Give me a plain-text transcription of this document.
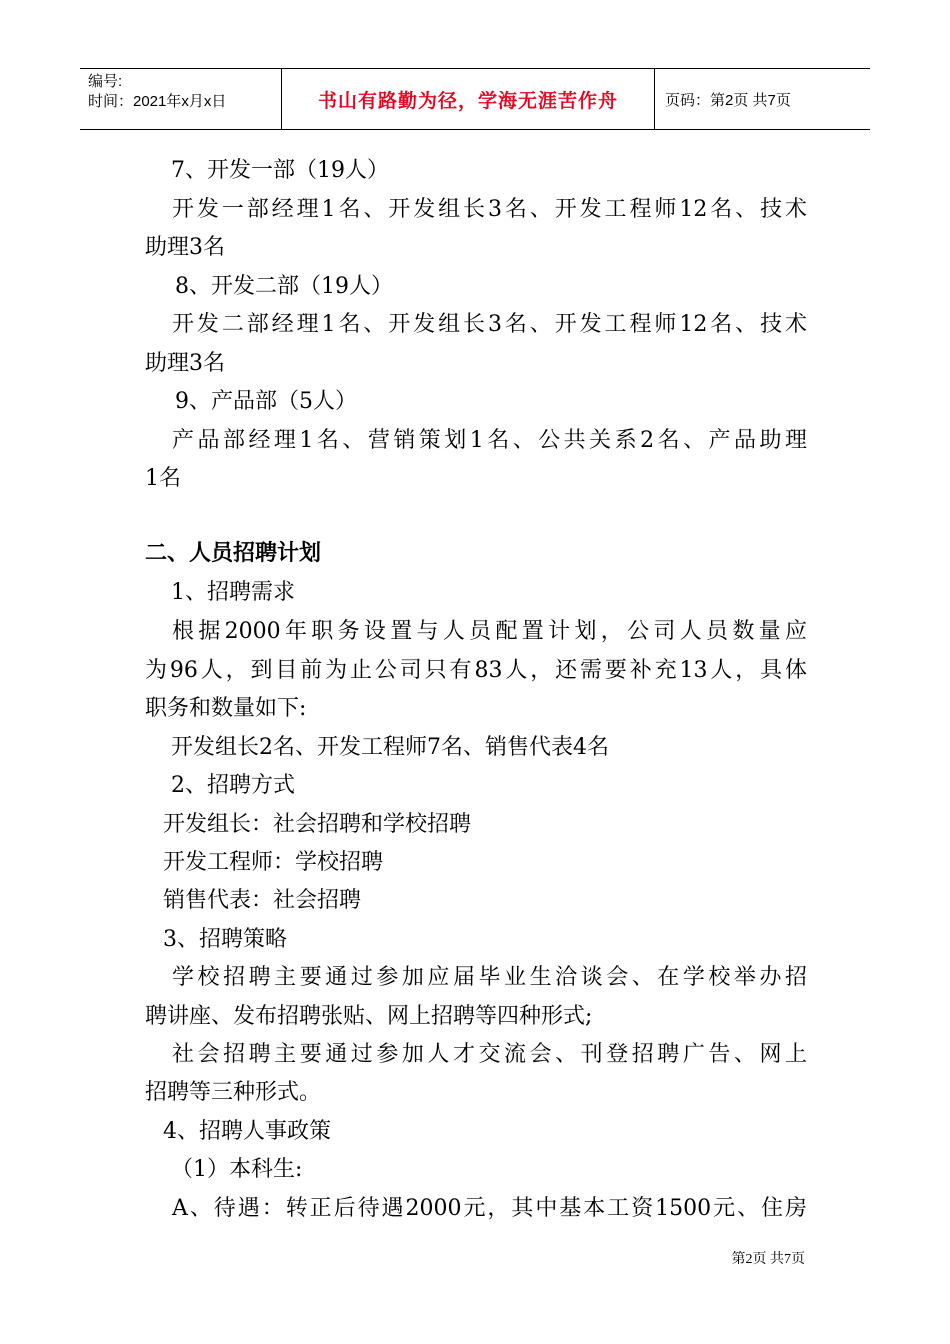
编号:
时间：2021年x月x日	书山有路勤为径，学海无涯苦作舟	页码：第2页 共7页
7、开发一部（19人）
开发一部经理1名、开发组长3名、开发工程师12名、技术
助理3名
8、开发二部（19人）
开发二部经理1名、开发组长3名、开发工程师12名、技术
助理3名
9、产品部（5人）
产品部经理1名、营销策划1名、公共关系2名、产品助理
1名
二、人员招聘计划
1、招聘需求
根据2000年职务设置与人员配置计划，公司人员数量应
为96人，到目前为止公司只有83人，还需要补充13人，具体
职务和数量如下:
开发组长2名、开发工程师7名、销售代表4名
2、招聘方式
开发组长：社会招聘和学校招聘
开发工程师：学校招聘
销售代表：社会招聘
3、招聘策略
学校招聘主要通过参加应届毕业生洽谈会、在学校举办招
聘讲座、发布招聘张贴、网上招聘等四种形式;
社会招聘主要通过参加人才交流会、刊登招聘广告、网上
招聘等三种形式。
4、招聘人事政策
（1）本科生:
A、待遇：转正后待遇2000元，其中基本工资1500元、住房
第2页 共7页
